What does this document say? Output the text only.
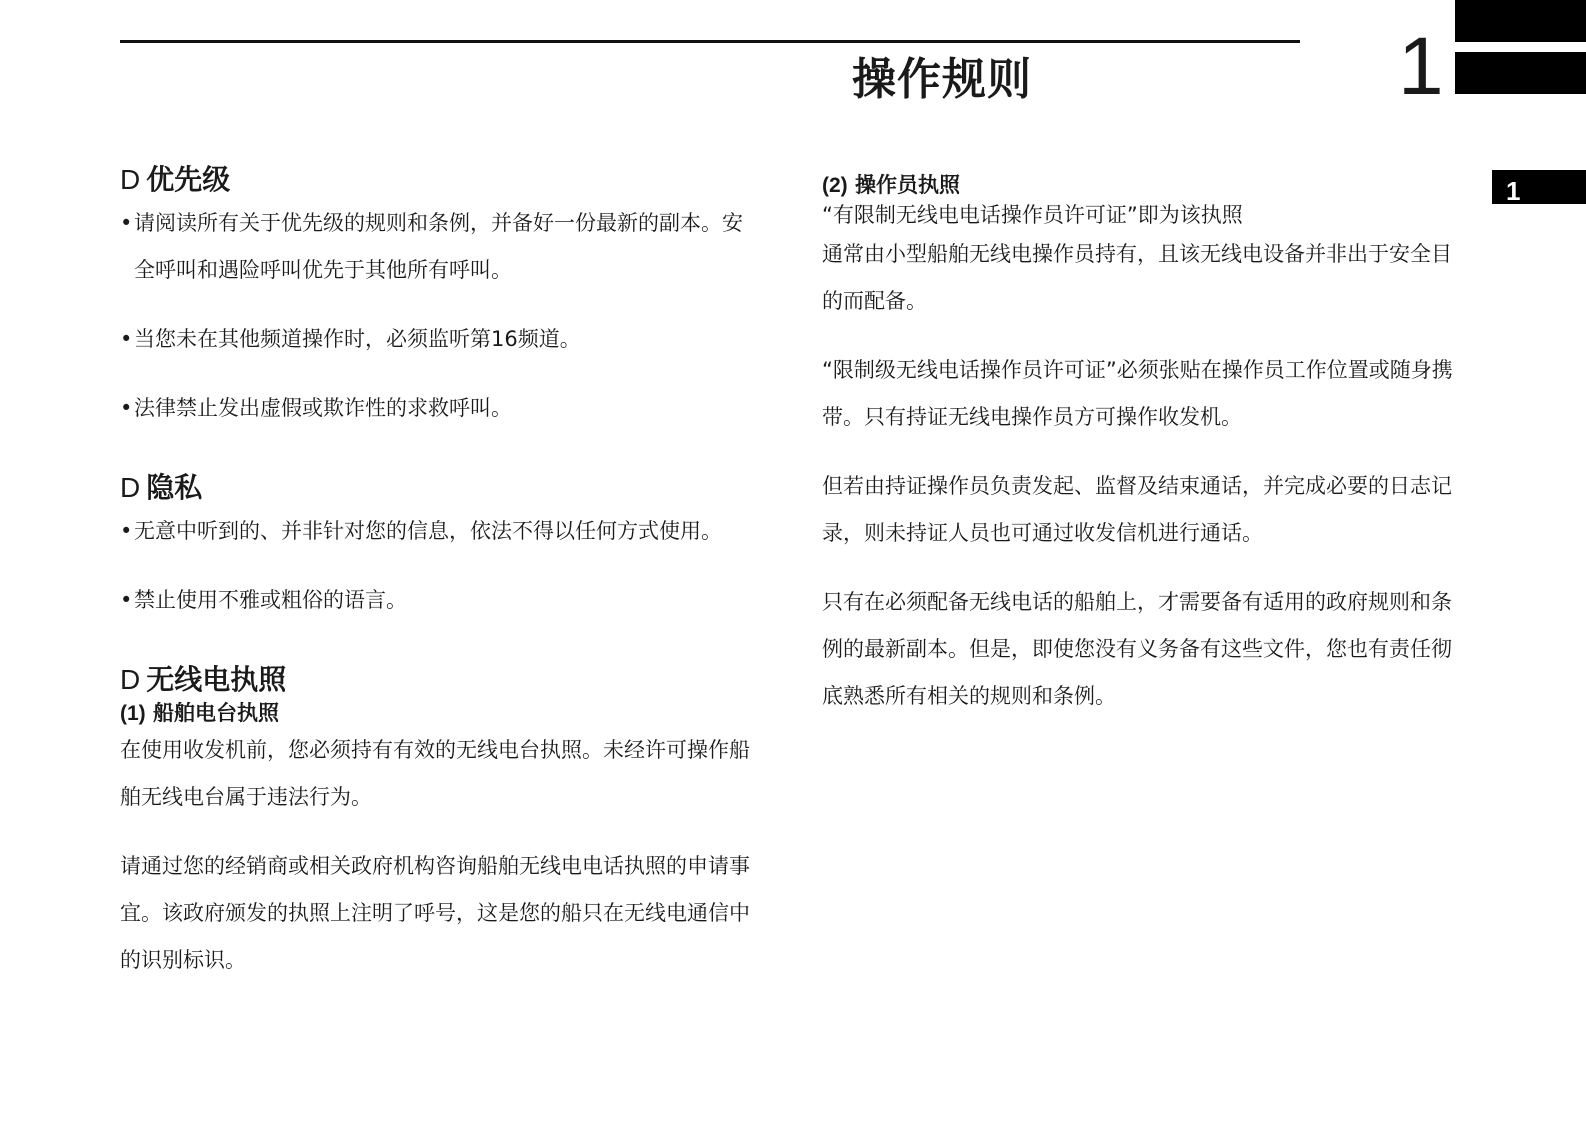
操作规则	1
1
D 优先级
• 请阅读所有关于优先级的规则和条例，并备好一份最新的副本。安全呼叫和遇险呼叫优先于其他所有呼叫。
• 当您未在其他频道操作时，必须监听第16频道。
• 法律禁止发出虚假或欺诈性的求救呼叫。
D 隐私
• 无意中听到的、并非针对您的信息，依法不得以任何方式使用。
• 禁止使用不雅或粗俗的语言。
D 无线电执照
(1) 船舶电台执照

在使用收发机前，您必须持有有效的无线电台执照。未经许可操作船舶无线电台属于违法行为。

请通过您的经销商或相关政府机构咨询船舶无线电电话执照的申请事宜。该政府颁发的执照上注明了呼号，这是您的船只在无线电通信中的识别标识。

(2) 操作员执照

“有限制无线电电话操作员许可证”即为该执照

通常由小型船舶无线电操作员持有，且该无线电设备并非出于安全目的而配备。

“限制级无线电话操作员许可证”必须张贴在操作员工作位置或随身携带。只有持证无线电操作员方可操作收发机。

但若由持证操作员负责发起、监督及结束通话，并完成必要的日志记录，则未持证人员也可通过收发信机进行通话。

只有在必须配备无线电话的船舶上，才需要备有适用的政府规则和条例的最新副本。但是，即使您没有义务备有这些文件，您也有责任彻底熟悉所有相关的规则和条例。
